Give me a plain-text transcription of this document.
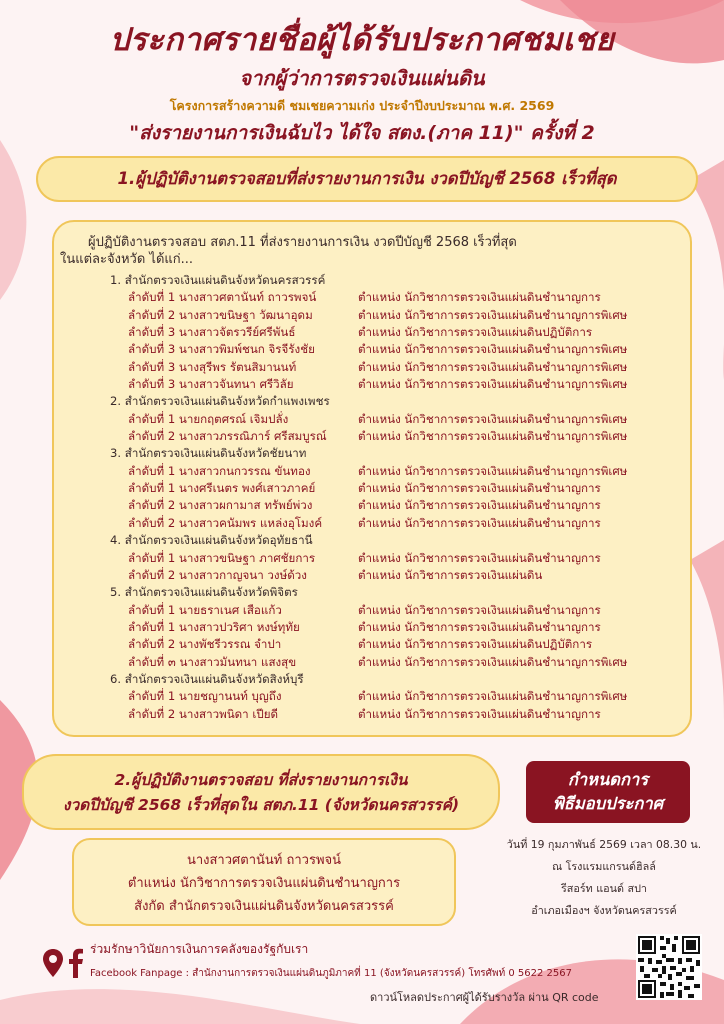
ประกาศรายชื่อผู้ได้รับประกาศชมเชย
จากผู้ว่าการตรวจเงินแผ่นดิน
โครงการสร้างความดี ชมเชยความเก่ง ประจำปีงบประมาณ พ.ศ. 2569
"ส่งรายงานการเงินฉับไว ได้ใจ สตง.(ภาค 11)" ครั้งที่ 2
1.ผู้ปฏิบัติงานตรวจสอบที่ส่งรายงานการเงิน งวดปีบัญชี 2568 เร็วที่สุด
ผู้ปฏิบัติงานตรวจสอบ สตภ.11 ที่ส่งรายงานการเงิน งวดปีบัญชี 2568 เร็วที่สุด
ในแต่ละจังหวัด ได้แก่...
1. สำนักตรวจเงินแผ่นดินจังหวัดนครสวรรค์
ลำดับที่ 1 นางสาวศตานันท์ ถาวรพจน์	ตำแหน่ง นักวิชาการตรวจเงินแผ่นดินชำนาญการ
ลำดับที่ 2 นางสาวขนิษฐา วัฒนาอุดม	ตำแหน่ง นักวิชาการตรวจเงินแผ่นดินชำนาญการพิเศษ
ลำดับที่ 3 นางสาวจัตรวรีย์ศรีพันธ์	ตำแหน่ง นักวิชาการตรวจเงินแผ่นดินปฏิบัติการ
ลำดับที่ 3 นางสาวพิมพ์ชนก จิรจีรังชัย	ตำแหน่ง นักวิชาการตรวจเงินแผ่นดินชำนาญการพิเศษ
ลำดับที่ 3 นางสุรีพร รัตนสิมานนท์	ตำแหน่ง นักวิชาการตรวจเงินแผ่นดินชำนาญการพิเศษ
ลำดับที่ 3 นางสาวจันทนา ศรีวิลัย	ตำแหน่ง นักวิชาการตรวจเงินแผ่นดินชำนาญการพิเศษ
2. สำนักตรวจเงินแผ่นดินจังหวัดกำแพงเพชร
ลำดับที่ 1 นายกฤตศรณ์ เจิมปลั่ง	ตำแหน่ง นักวิชาการตรวจเงินแผ่นดินชำนาญการพิเศษ
ลำดับที่ 2 นางสาวภรรณิภาร์ ศรีสมบูรณ์	ตำแหน่ง นักวิชาการตรวจเงินแผ่นดินชำนาญการพิเศษ
3. สำนักตรวจเงินแผ่นดินจังหวัดชัยนาท
ลำดับที่ 1 นางสาวกนกวรรณ ขันทอง	ตำแหน่ง นักวิชาการตรวจเงินแผ่นดินชำนาญการพิเศษ
ลำดับที่ 1 นางศรีเนตร พงศ์เสาวภาคย์	ตำแหน่ง นักวิชาการตรวจเงินแผ่นดินชำนาญการ
ลำดับที่ 2 นางสาวผกามาส ทรัพย์พ่วง	ตำแหน่ง นักวิชาการตรวจเงินแผ่นดินชำนาญการ
ลำดับที่ 2 นางสาวคนัมพร แหล่งอุโมงค์	ตำแหน่ง นักวิชาการตรวจเงินแผ่นดินชำนาญการ
4. สำนักตรวจเงินแผ่นดินจังหวัดอุทัยธานี
ลำดับที่ 1 นางสาวขนิษฐา ภาศชัยการ	ตำแหน่ง นักวิชาการตรวจเงินแผ่นดินชำนาญการ
ลำดับที่ 2 นางสาวกาญจนา วงษ์ด้วง	ตำแหน่ง นักวิชาการตรวจเงินแผ่นดิน
5. สำนักตรวจเงินแผ่นดินจังหวัดพิจิตร
ลำดับที่ 1 นายธราเนศ เสือแก้ว	ตำแหน่ง นักวิชาการตรวจเงินแผ่นดินชำนาญการ
ลำดับที่ 1 นางสาวปวริศา หงษ์ทุทัย	ตำแหน่ง นักวิชาการตรวจเงินแผ่นดินชำนาญการ
ลำดับที่ 2 นางพัชรีวรรณ จำปา	ตำแหน่ง นักวิชาการตรวจเงินแผ่นดินปฏิบัติการ
ลำดับที่ ๓ นางสาวมันทนา แสงสุข	ตำแหน่ง นักวิชาการตรวจเงินแผ่นดินชำนาญการพิเศษ
6. สำนักตรวจเงินแผ่นดินจังหวัดสิงห์บุรี
ลำดับที่ 1 นายชญานนท์ บุญถึง	ตำแหน่ง นักวิชาการตรวจเงินแผ่นดินชำนาญการพิเศษ
ลำดับที่ 2 นางสาวพนิดา เปียดี	ตำแหน่ง นักวิชาการตรวจเงินแผ่นดินชำนาญการ
2.ผู้ปฏิบัติงานตรวจสอบ ที่ส่งรายงานการเงิน
งวดปีบัญชี 2568 เร็วที่สุดใน สตภ.11 (จังหวัดนครสวรรค์)
นางสาวศตานันท์ ถาวรพจน์
ตำแหน่ง นักวิชาการตรวจเงินแผ่นดินชำนาญการ
สังกัด สำนักตรวจเงินแผ่นดินจังหวัดนครสวรรค์
กำหนดการ
พิธีมอบประกาศ
วันที่ 19 กุมภาพันธ์ 2569 เวลา 08.30 น.
ณ โรงแรมแกรนด์ฮิลล์
รีสอร์ท แอนด์ สปา
อำเภอเมืองฯ จังหวัดนครสวรรค์
ร่วมรักษาวินัยการเงินการคลังของรัฐกับเรา
Facebook Fanpage : สำนักงานการตรวจเงินแผ่นดินภูมิภาคที่ 11 (จังหวัดนครสวรรค์) โทรศัพท์ 0 5622 2567
ดาวน์โหลดประกาศผู้ได้รับรางวัล ผ่าน QR code
